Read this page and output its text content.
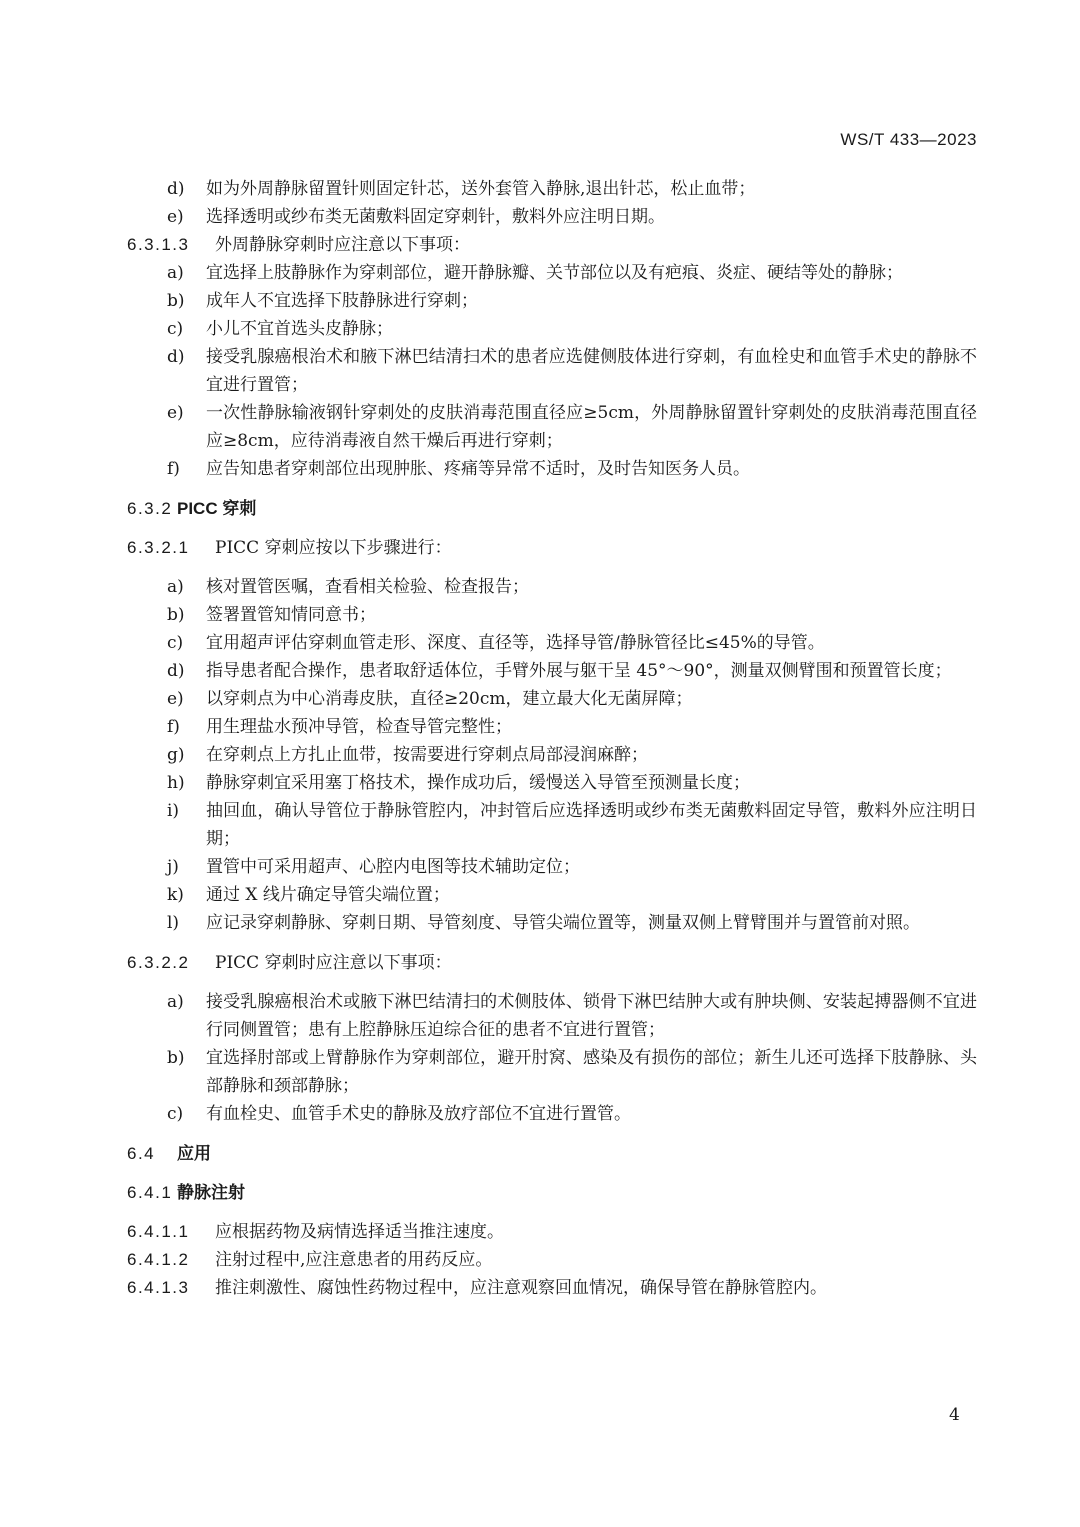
WS/T 433—2023
d) 如为外周静脉留置针则固定针芯，送外套管入静脉,退出针芯，松止血带；
e) 选择透明或纱布类无菌敷料固定穿刺针，敷料外应注明日期。
6.3.1.3 外周静脉穿刺时应注意以下事项：
a) 宜选择上肢静脉作为穿刺部位，避开静脉瓣、关节部位以及有疤痕、炎症、硬结等处的静脉；
b) 成年人不宜选择下肢静脉进行穿刺；
c) 小儿不宜首选头皮静脉；
d) 接受乳腺癌根治术和腋下淋巴结清扫术的患者应选健侧肢体进行穿刺，有血栓史和血管手术史的静脉不宜进行置管；
e) 一次性静脉输液钢针穿刺处的皮肤消毒范围直径应≥5cm，外周静脉留置针穿刺处的皮肤消毒范围直径应≥8cm，应待消毒液自然干燥后再进行穿刺；
f) 应告知患者穿刺部位出现肿胀、疼痛等异常不适时，及时告知医务人员。
6.3.2 PICC 穿刺
6.3.2.1 PICC 穿刺应按以下步骤进行：
a) 核对置管医嘱，查看相关检验、检查报告；
b) 签署置管知情同意书；
c) 宜用超声评估穿刺血管走形、深度、直径等，选择导管/静脉管径比≤45%的导管。
d) 指导患者配合操作，患者取舒适体位，手臂外展与躯干呈 45°～90°，测量双侧臂围和预置管长度；
e) 以穿刺点为中心消毒皮肤，直径≥20cm，建立最大化无菌屏障；
f) 用生理盐水预冲导管，检查导管完整性；
g) 在穿刺点上方扎止血带，按需要进行穿刺点局部浸润麻醉；
h) 静脉穿刺宜采用塞丁格技术，操作成功后，缓慢送入导管至预测量长度；
i) 抽回血，确认导管位于静脉管腔内，冲封管后应选择透明或纱布类无菌敷料固定导管，敷料外应注明日期；
j) 置管中可采用超声、心腔内电图等技术辅助定位；
k) 通过 X 线片确定导管尖端位置；
l) 应记录穿刺静脉、穿刺日期、导管刻度、导管尖端位置等，测量双侧上臂臂围并与置管前对照。
6.3.2.2 PICC 穿刺时应注意以下事项：
a) 接受乳腺癌根治术或腋下淋巴结清扫的术侧肢体、锁骨下淋巴结肿大或有肿块侧、安装起搏器侧不宜进行同侧置管；患有上腔静脉压迫综合征的患者不宜进行置管；
b) 宜选择肘部或上臂静脉作为穿刺部位，避开肘窝、感染及有损伤的部位；新生儿还可选择下肢静脉、头部静脉和颈部静脉；
c) 有血栓史、血管手术史的静脉及放疗部位不宜进行置管。
6.4 应用
6.4.1 静脉注射
6.4.1.1 应根据药物及病情选择适当推注速度。
6.4.1.2 注射过程中,应注意患者的用药反应。
6.4.1.3 推注刺激性、腐蚀性药物过程中，应注意观察回血情况，确保导管在静脉管腔内。
4
